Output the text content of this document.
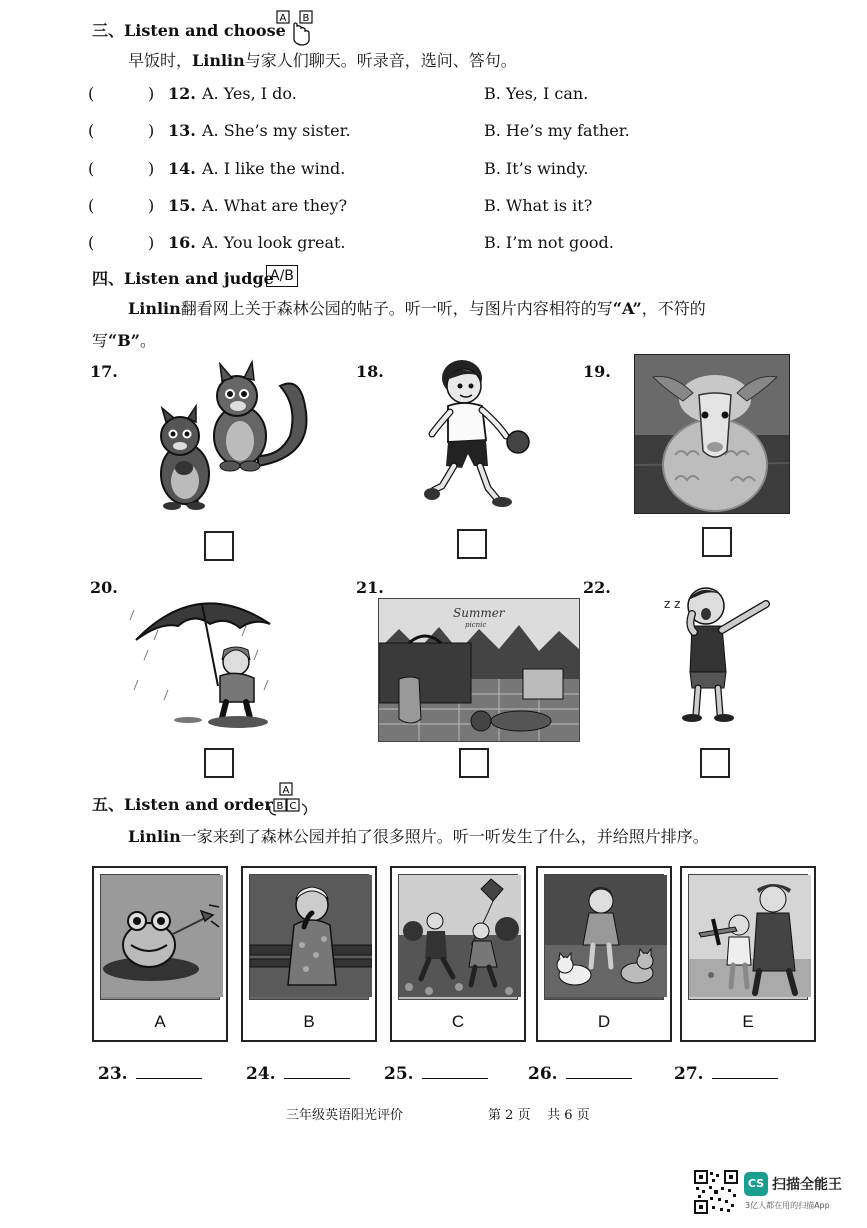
三、Listen and choose
A B
早饭时，Linlin与家人们聊天。听录音，选问、答句。
(	) 12. A. Yes, I do.	B. Yes, I can.
(	) 13. A. She’s my sister.	B. He’s my father.
(	) 14. A. I like the wind.	B. It’s windy.
(	) 15. A. What are they?	B. What is it?
(	) 16. A. You look great.	B. I’m not good.
四、Listen and judge
A/B
Linlin翻看网上关于森林公园的帖子。听一听，与图片内容相符的写“A”，不符的
写“B”。
17.	18.	19.
20.	21.	22.
Summer
picnic
z z
五、Listen and order
A
B C
Linlin一家来到了森林公园并拍了很多照片。听一听发生了什么，并给照片排序。
A	B	C	D	E
23.	24.	25.	26.	27.
三年级英语阳光评价	第 2 页 共 6 页
CS 扫描全能王
3亿人都在用的扫描App
